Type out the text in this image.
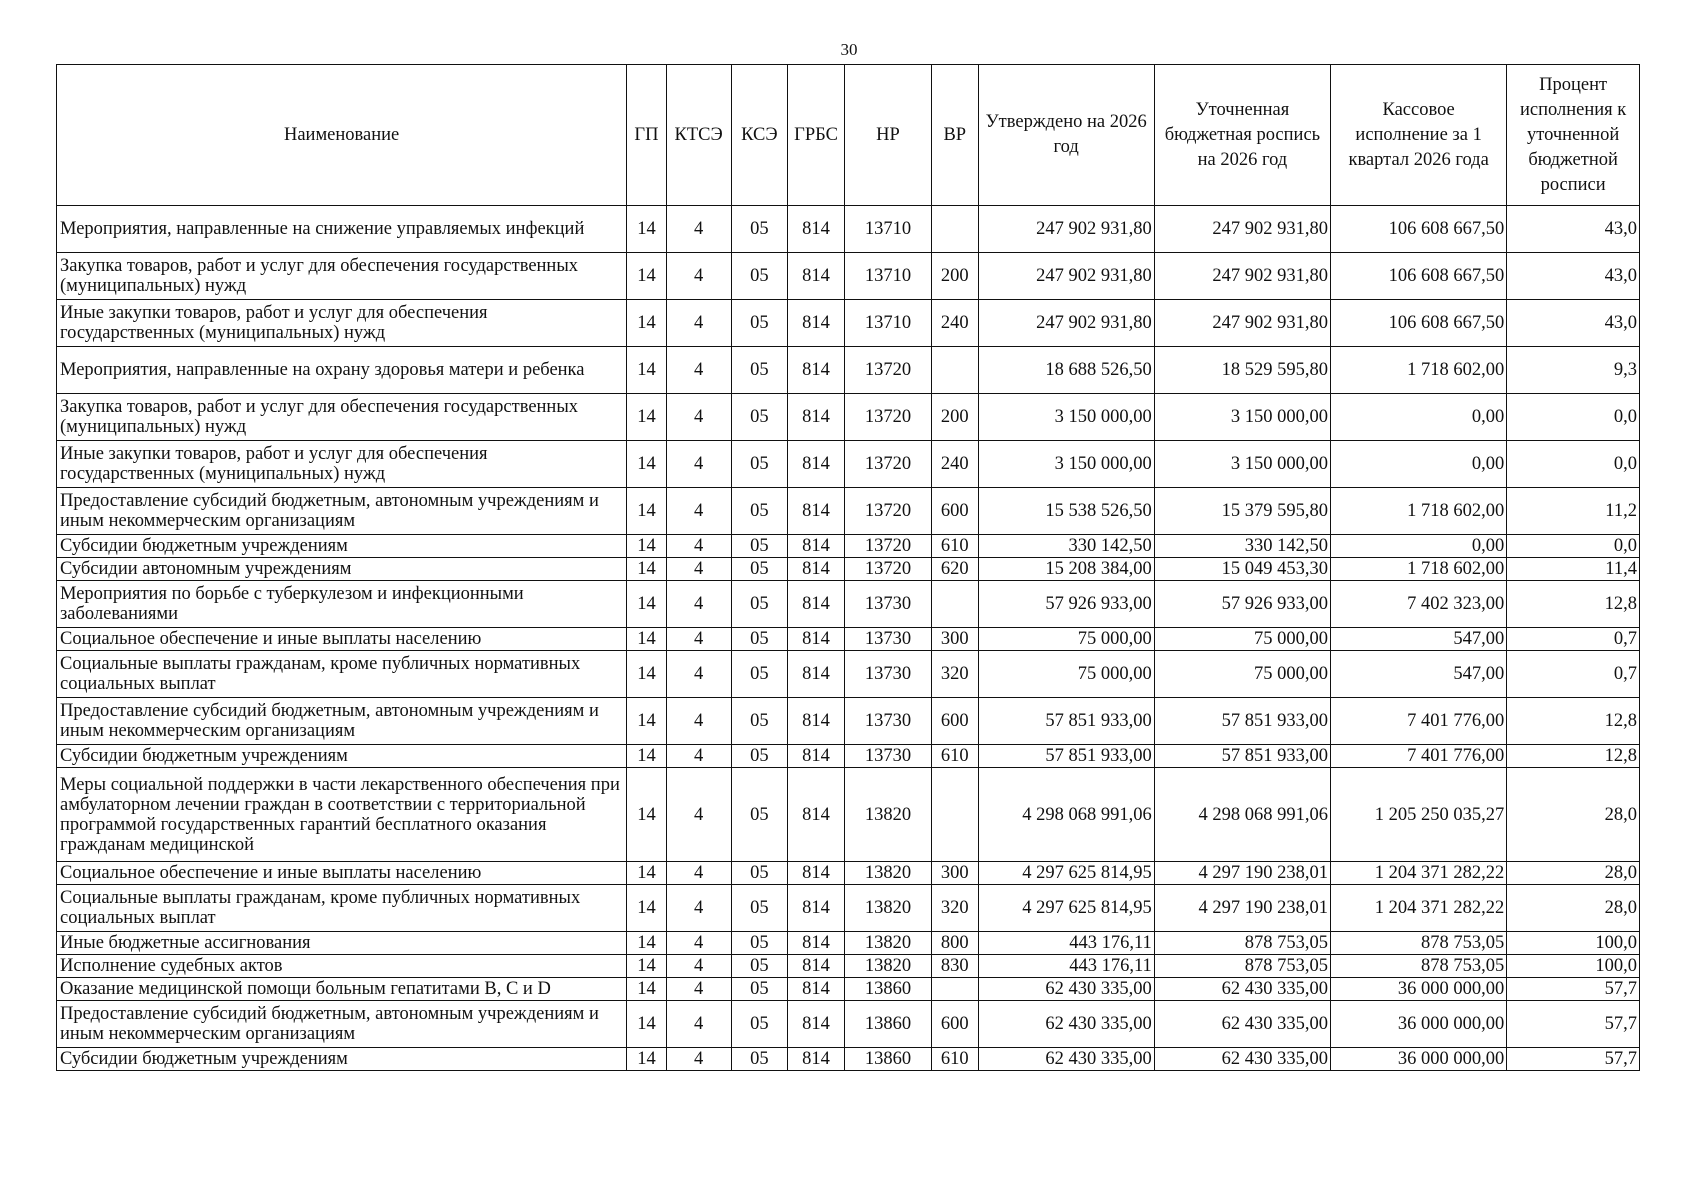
30
Наименование	ГП	КТСЭ	КСЭ	ГРБС	НР	ВР	Утверждено на 2026 год	Уточненная бюджетная роспись на 2026 год	Кассовое исполнение за 1 квартал 2026 года	Процент исполнения к уточненной бюджетной росписи
Мероприятия, направленные на снижение управляемых инфекций	14	4	05	814	13710		247 902 931,80	247 902 931,80	106 608 667,50	43,0
Закупка товаров, работ и услуг для обеспечения государственных (муниципальных) нужд	14	4	05	814	13710	200	247 902 931,80	247 902 931,80	106 608 667,50	43,0
Иные закупки товаров, работ и услуг для обеспечения государственных (муниципальных) нужд	14	4	05	814	13710	240	247 902 931,80	247 902 931,80	106 608 667,50	43,0
Мероприятия, направленные на охрану здоровья матери и ребенка	14	4	05	814	13720		18 688 526,50	18 529 595,80	1 718 602,00	9,3
Закупка товаров, работ и услуг для обеспечения государственных (муниципальных) нужд	14	4	05	814	13720	200	3 150 000,00	3 150 000,00	0,00	0,0
Иные закупки товаров, работ и услуг для обеспечения государственных (муниципальных) нужд	14	4	05	814	13720	240	3 150 000,00	3 150 000,00	0,00	0,0
Предоставление субсидий бюджетным, автономным учреждениям и иным некоммерческим организациям	14	4	05	814	13720	600	15 538 526,50	15 379 595,80	1 718 602,00	11,2
Субсидии бюджетным учреждениям	14	4	05	814	13720	610	330 142,50	330 142,50	0,00	0,0
Субсидии автономным учреждениям	14	4	05	814	13720	620	15 208 384,00	15 049 453,30	1 718 602,00	11,4
Мероприятия по борьбе с туберкулезом и инфекционными заболеваниями	14	4	05	814	13730		57 926 933,00	57 926 933,00	7 402 323,00	12,8
Социальное обеспечение и иные выплаты населению	14	4	05	814	13730	300	75 000,00	75 000,00	547,00	0,7
Социальные выплаты гражданам, кроме публичных нормативных социальных выплат	14	4	05	814	13730	320	75 000,00	75 000,00	547,00	0,7
Предоставление субсидий бюджетным, автономным учреждениям и иным некоммерческим организациям	14	4	05	814	13730	600	57 851 933,00	57 851 933,00	7 401 776,00	12,8
Субсидии бюджетным учреждениям	14	4	05	814	13730	610	57 851 933,00	57 851 933,00	7 401 776,00	12,8
Меры социальной поддержки в части лекарственного обеспечения при амбулаторном лечении граждан в соответствии с территориальной программой государственных гарантий бесплатного оказания гражданам медицинской	14	4	05	814	13820		4 298 068 991,06	4 298 068 991,06	1 205 250 035,27	28,0
Социальное обеспечение и иные выплаты населению	14	4	05	814	13820	300	4 297 625 814,95	4 297 190 238,01	1 204 371 282,22	28,0
Социальные выплаты гражданам, кроме публичных нормативных социальных выплат	14	4	05	814	13820	320	4 297 625 814,95	4 297 190 238,01	1 204 371 282,22	28,0
Иные бюджетные ассигнования	14	4	05	814	13820	800	443 176,11	878 753,05	878 753,05	100,0
Исполнение судебных актов	14	4	05	814	13820	830	443 176,11	878 753,05	878 753,05	100,0
Оказание медицинской помощи больным гепатитами B, C и D	14	4	05	814	13860		62 430 335,00	62 430 335,00	36 000 000,00	57,7
Предоставление субсидий бюджетным, автономным учреждениям и иным некоммерческим организациям	14	4	05	814	13860	600	62 430 335,00	62 430 335,00	36 000 000,00	57,7
Субсидии бюджетным учреждениям	14	4	05	814	13860	610	62 430 335,00	62 430 335,00	36 000 000,00	57,7
